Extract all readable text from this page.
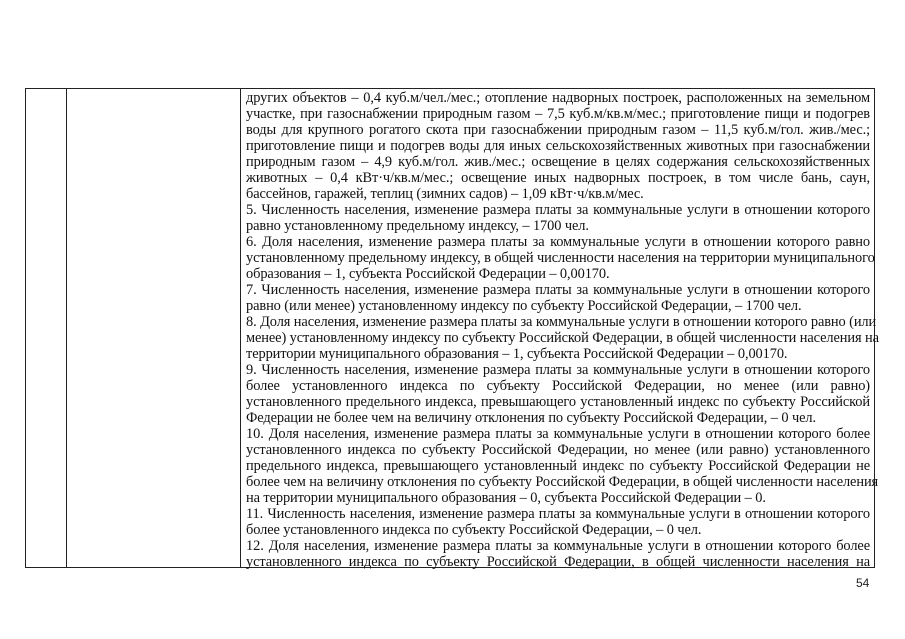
других объектов – 0,4 куб.м/чел./мес.; отопление надворных построек, расположенных на земельном
участке, при газоснабжении природным газом – 7,5 куб.м/кв.м/мес.; приготовление пищи и подогрев
воды для крупного рогатого скота при газоснабжении природным газом – 11,5 куб.м/гол. жив./мес.;
приготовление пищи и подогрев воды для иных сельскохозяйственных животных при газоснабжении
природным газом – 4,9 куб.м/гол. жив./мес.; освещение в целях содержания сельскохозяйственных
животных – 0,4 кВт·ч/кв.м/мес.; освещение иных надворных построек, в том числе бань, саун,
бассейнов, гаражей, теплиц (зимних садов) – 1,09 кВт·ч/кв.м/мес.
5. Численность населения, изменение размера платы за коммунальные услуги в отношении которого
равно установленному предельному индексу, – 1700 чел.
6. Доля населения, изменение размера платы за коммунальные услуги в отношении которого равно
установленному предельному индексу, в общей численности населения на территории муниципального
образования – 1, субъекта Российской Федерации – 0,00170.
7. Численность населения, изменение размера платы за коммунальные услуги в отношении которого
равно (или менее) установленному индексу по субъекту Российской Федерации, – 1700 чел.
8. Доля населения, изменение размера платы за коммунальные услуги в отношении которого равно (или
менее) установленному индексу по субъекту Российской Федерации, в общей численности населения на
территории муниципального образования – 1, субъекта Российской Федерации – 0,00170.
9. Численность населения, изменение размера платы за коммунальные услуги в отношении которого
более установленного индекса по субъекту Российской Федерации, но менее (или равно)
установленного предельного индекса, превышающего установленный индекс по субъекту Российской
Федерации не более чем на величину отклонения по субъекту Российской Федерации, – 0 чел.
10. Доля населения, изменение размера платы за коммунальные услуги в отношении которого более
установленного индекса по субъекту Российской Федерации, но менее (или равно) установленного
предельного индекса, превышающего установленный индекс по субъекту Российской Федерации не
более чем на величину отклонения по субъекту Российской Федерации, в общей численности населения
на территории муниципального образования – 0, субъекта Российской Федерации – 0.
11. Численность населения, изменение размера платы за коммунальные услуги в отношении которого
более установленного индекса по субъекту Российской Федерации, – 0 чел.
12. Доля населения, изменение размера платы за коммунальные услуги в отношении которого более
установленного индекса по субъекту Российской Федерации, в общей численности населения на
54
